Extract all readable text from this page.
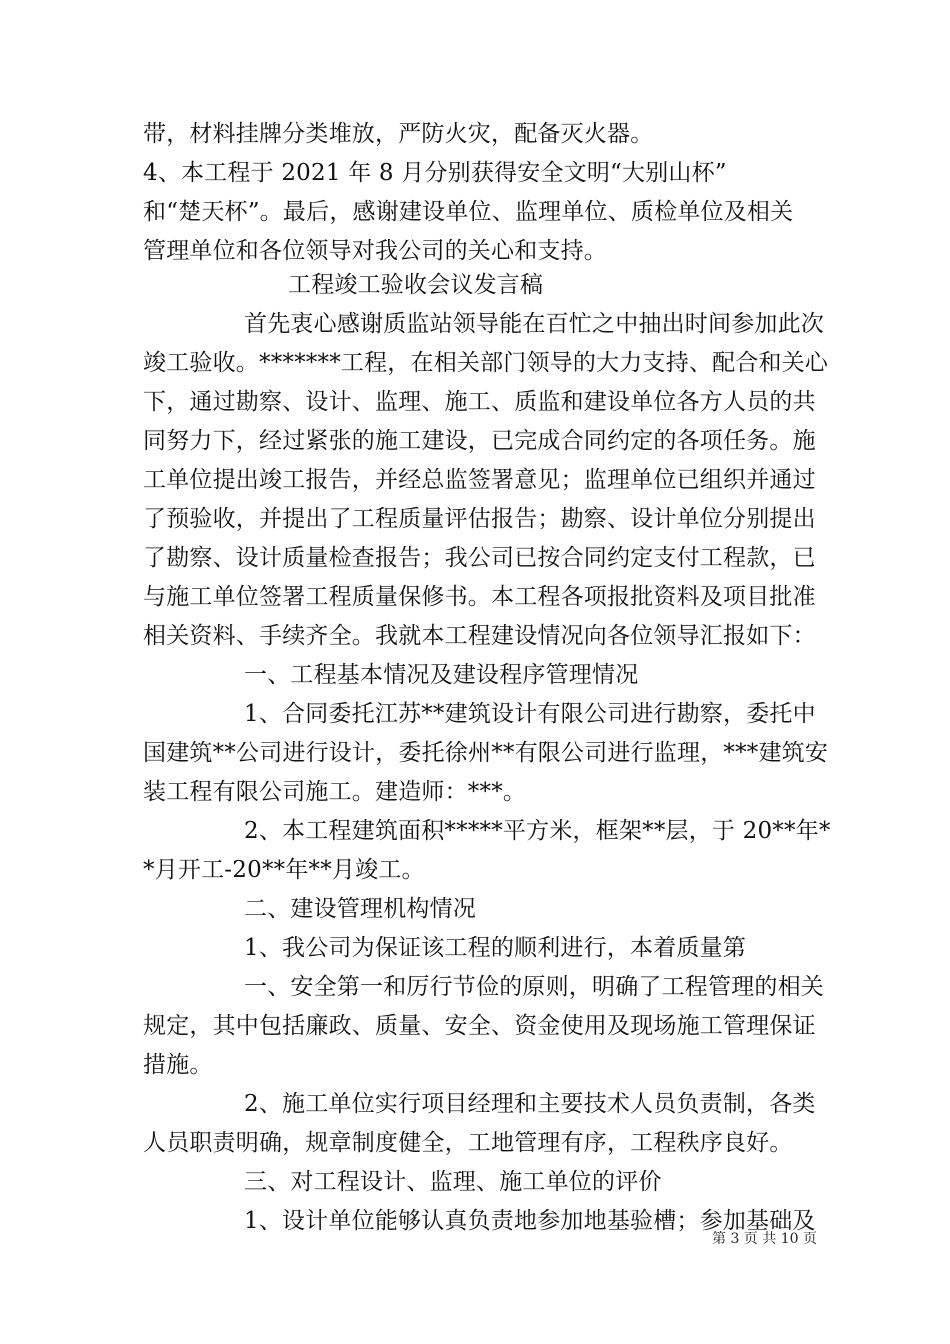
带，材料挂牌分类堆放，严防火灾，配备灭火器。
4、本工程于 2021 年 8 月分别获得安全文明“大别山杯”
和“楚天杯”。最后，感谢建设单位、监理单位、质检单位及相关
管理单位和各位领导对我公司的关心和支持。
工程竣工验收会议发言稿
首先衷心感谢质监站领导能在百忙之中抽出时间参加此次
竣工验收。*******工程，在相关部门领导的大力支持、配合和关心
下，通过勘察、设计、监理、施工、质监和建设单位各方人员的共
同努力下，经过紧张的施工建设，已完成合同约定的各项任务。施
工单位提出竣工报告，并经总监签署意见；监理单位已组织并通过
了预验收，并提出了工程质量评估报告；勘察、设计单位分别提出
了勘察、设计质量检查报告；我公司已按合同约定支付工程款，已
与施工单位签署工程质量保修书。本工程各项报批资料及项目批准
相关资料、手续齐全。我就本工程建设情况向各位领导汇报如下：
一、工程基本情况及建设程序管理情况
1、合同委托江苏**建筑设计有限公司进行勘察，委托中
国建筑**公司进行设计，委托徐州**有限公司进行监理，***建筑安
装工程有限公司施工。建造师：***。
2、本工程建筑面积*****平方米，框架**层，于 20**年*
*月开工-20**年**月竣工。
二、建设管理机构情况
1、我公司为保证该工程的顺利进行，本着质量第
一、安全第一和厉行节俭的原则，明确了工程管理的相关
规定，其中包括廉政、质量、安全、资金使用及现场施工管理保证
措施。
2、施工单位实行项目经理和主要技术人员负责制，各类
人员职责明确，规章制度健全，工地管理有序，工程秩序良好。
三、对工程设计、监理、施工单位的评价
1、设计单位能够认真负责地参加地基验槽；参加基础及
第 3 页 共 10 页
